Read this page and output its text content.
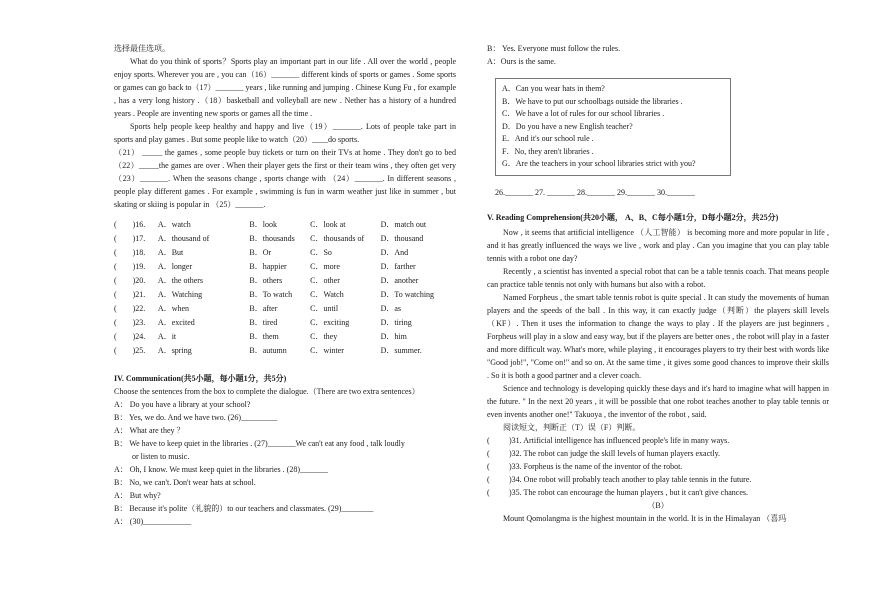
选择最佳选项。

What do you think of sports？Sports play an important part in our life . All over the world , people enjoy sports. Wherever you are , you can（16）_______ different kinds of sports or games . Some sports or games can go back to（17）_______ years , like running and jumping . Chinese Kung Fu , for example , has a very long history .（18）basketball and volleyball are new . Nether has a history of a hundred years . People are inventing new sports or games all the time .

Sports help people keep healthy and happy and live（19）_______. Lots of people take part in sports and play games . But some people like to watch（20）____do sports.

（21） _____ the games , some people buy tickets or turn on their TVs at home . They don't go to bed（22）_____the games are over . When their player gets the first or their team wins , they often get very（23）_______. When the seasons change , sports change with （24）_______. In different seasons , people play different games . For example , swimming is fun in warm weather just like in summer , but skating or skiing is popular in （25）_______.

(	)16.	A．watch	B．look	C．look at	D．match out
(	)17.	A．thousand of	B．thousands	C．thousands of	D．thousand
(	)18.	A．But	B．Or	C．So	D．And
(	)19.	A．longer	B．happier	C．more	D．farther
(	)20.	A．the others	B．others	C．other	D．another
(	)21.	A．Watching	B．To watch	C．Watch	D．To watching
(	)22.	A．when	B．after	C．until	D．as
(	)23.	A．excited	B．tired	C．exciting	D．tiring
(	)24.	A．it	B．them	C．they	D．him
(	)25.	A．spring	B．autumn	C．winter	D．summer.

IV. Communication(共5小题，每小题1分，共5分)

Choose the sentences from the box to complete the dialogue.（There are two extra sentences）

A： Do you have a library at your school?

B： Yes, we do. And we have two. (26)_________

A： What are they ？

B： We have to keep quiet in the libraries . (27)_______We can't eat any food , talk loudly

or listen to music.

A： Oh, I know. We must keep quiet in the libraries . (28)_______

B： No, we can't. Don't wear hats at school.

A： But why?

B： Because it's polite（礼貌的）to our teachers and classmates. (29)________

A： (30)____________

B： Yes. Everyone must follow the rules.

A：Ours is the same.

A．Can you wear hats in them?
B．We have to put our schoolbags outside the libraries .
C．We have a lot of rules for our school libraries .
D．Do you have a new English teacher?
E．And it's our school rule .
F．No, they aren't libraries .
G．Are the teachers in your school libraries strict with you?

26._______ 27. _______ 28._______ 29._______ 30._______

V. Reading Comprehension(共20小题， A、B、C每小题1分，D每小题2分，共25分)

Now , it seems that artificial intelligence （人工智能） is becoming more and more popular in life , and it has greatly influenced the ways we live , work and play . Can you imagine that you can play table tennis with a robot one day?

Recently , a scientist has invented a special robot that can be a table tennis coach. That means people can practice table tennis not only with humans but also with a robot.

Named Forpheus , the smart table tennis robot is quite special . It can study the movements of human players and the speeds of the ball . In this way, it can exactly judge（判断）the players skill levels （KF）. Then it uses the information to change the ways to play . If the players are just beginners , Forpheus will play in a slow and easy way, but if the players are better ones , the robot will play in a faster and more difficult way. What's more, while playing , it encourages players to try their best with words like "Good job!", "Come on!" and so on. At the same time , it gives some good chances to improve their skills . So it is both a good partner and a clever coach.

Science and technology is developing quickly these days and it's hard to imagine what will happen in the future. " In the next 20 years , it will be possible that one robot teaches another to play table tennis or even invents another one!" Takuoya , the inventor of the robot , said.

阅读短文，判断正（T）误（F）判断。

( )31. Artificial intelligence has influenced people's life in many ways.

( )32. The robot can judge the skill levels of human players exactly.

( )33. Forpheus is the name of the inventor of the robot.

( )34. One robot will probably teach another to play table tennis in the future.

( )35. The robot can encourage the human players , but it can't give chances.

（B）

Mount Qomolangma is the highest mountain in the world. It is in the Himalayan （喜玛
